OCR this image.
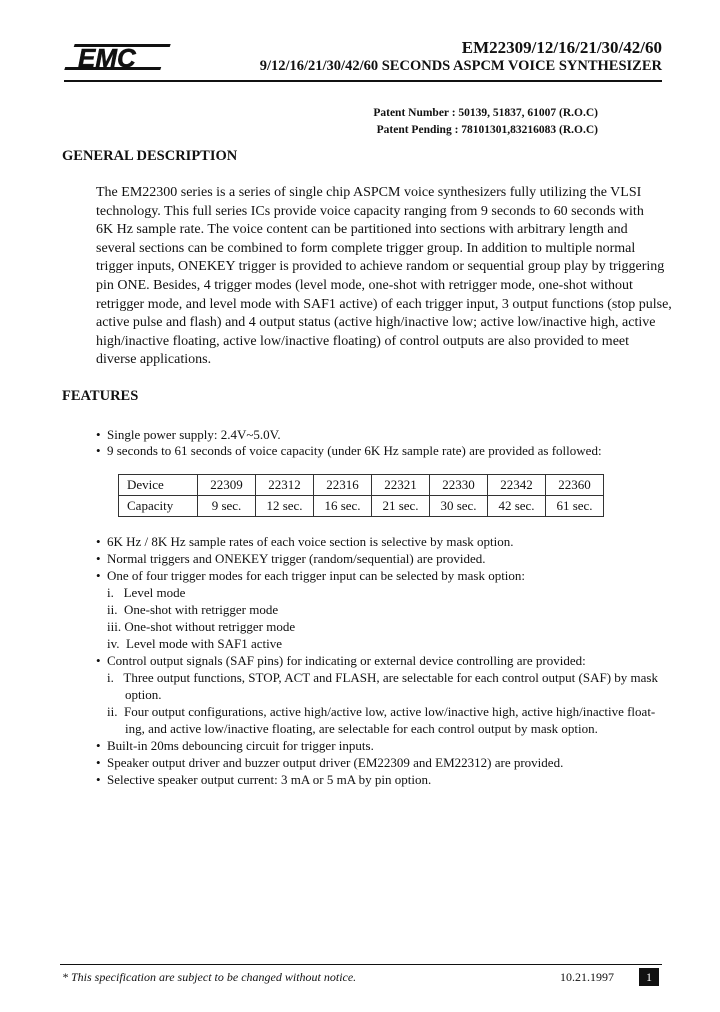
EMC	EM22309/12/16/21/30/42/60
9/12/16/21/30/42/60 SECONDS ASPCM VOICE SYNTHESIZER
Patent Number : 50139, 51837, 61007 (R.O.C)
Patent Pending : 78101301,83216083 (R.O.C)
GENERAL DESCRIPTION
The EM22300 series is a series of single chip ASPCM voice synthesizers fully utilizing the VLSI
technology. This full series ICs provide voice capacity ranging from 9 seconds to 60 seconds with
6K Hz sample rate. The voice content can be partitioned into sections with arbitrary length and
several sections can be combined to form complete trigger group. In addition to multiple normal
trigger inputs, ONEKEY trigger is provided to achieve random or sequential group play by triggering
pin ONE. Besides, 4 trigger modes (level mode, one-shot with retrigger mode, one-shot without
retrigger mode, and level mode with SAF1 active) of each trigger input, 3 output functions (stop pulse,
active pulse and flash) and 4 output status (active high/inactive low; active low/inactive high, active
high/inactive floating, active low/inactive floating) of control outputs are also provided to meet
diverse applications.
FEATURES
• Single power supply: 2.4V~5.0V.
• 9 seconds to 61 seconds of voice capacity (under 6K Hz sample rate) are provided as followed:
Device	22309	22312	22316	22321	22330	22342	22360
Capacity	9 sec.	12 sec.	16 sec.	21 sec.	30 sec.	42 sec.	61 sec.
• 6K Hz / 8K Hz sample rates of each voice section is selective by mask option.
• Normal triggers and ONEKEY trigger (random/sequential) are provided.
• One of four trigger modes for each trigger input can be selected by mask option:
i.   Level mode
ii.  One-shot with retrigger mode
iii. One-shot without retrigger mode
iv.  Level mode with SAF1 active
• Control output signals (SAF pins) for indicating or external device controlling are provided:
i.   Three output functions, STOP, ACT and FLASH, are selectable for each control output (SAF) by mask
option.
ii.  Four output configurations, active high/active low, active low/inactive high, active high/inactive float-
ing, and active low/inactive floating, are selectable for each control output by mask option.
• Built-in 20ms debouncing circuit for trigger inputs.
• Speaker output driver and buzzer output driver (EM22309 and EM22312) are provided.
• Selective speaker output current: 3 mA or 5 mA by pin option.
* This specification are subject to be changed without notice.	10.21.1997	1
